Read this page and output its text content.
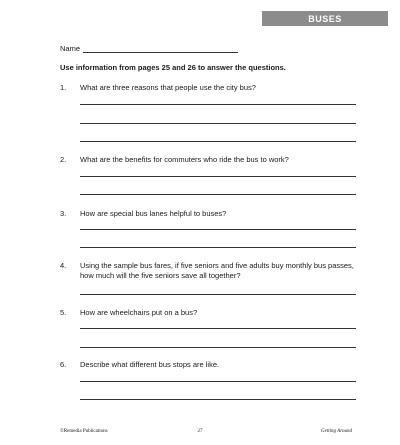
BUSES
Name
Use information from pages 25 and 26 to answer the questions.
1. What are three reasons that people use the city bus?
2. What are the benefits for commuters who ride the bus to work?
3. How are special bus lanes helpful to buses?
4. Using the sample bus fares, if five seniors and five adults buy monthly bus passes, how much will the five seniors save all together?
5. How are wheelchairs put on a bus?
6. Describe what different bus stops are like.
©Remedia Publications	27	Getting Around
